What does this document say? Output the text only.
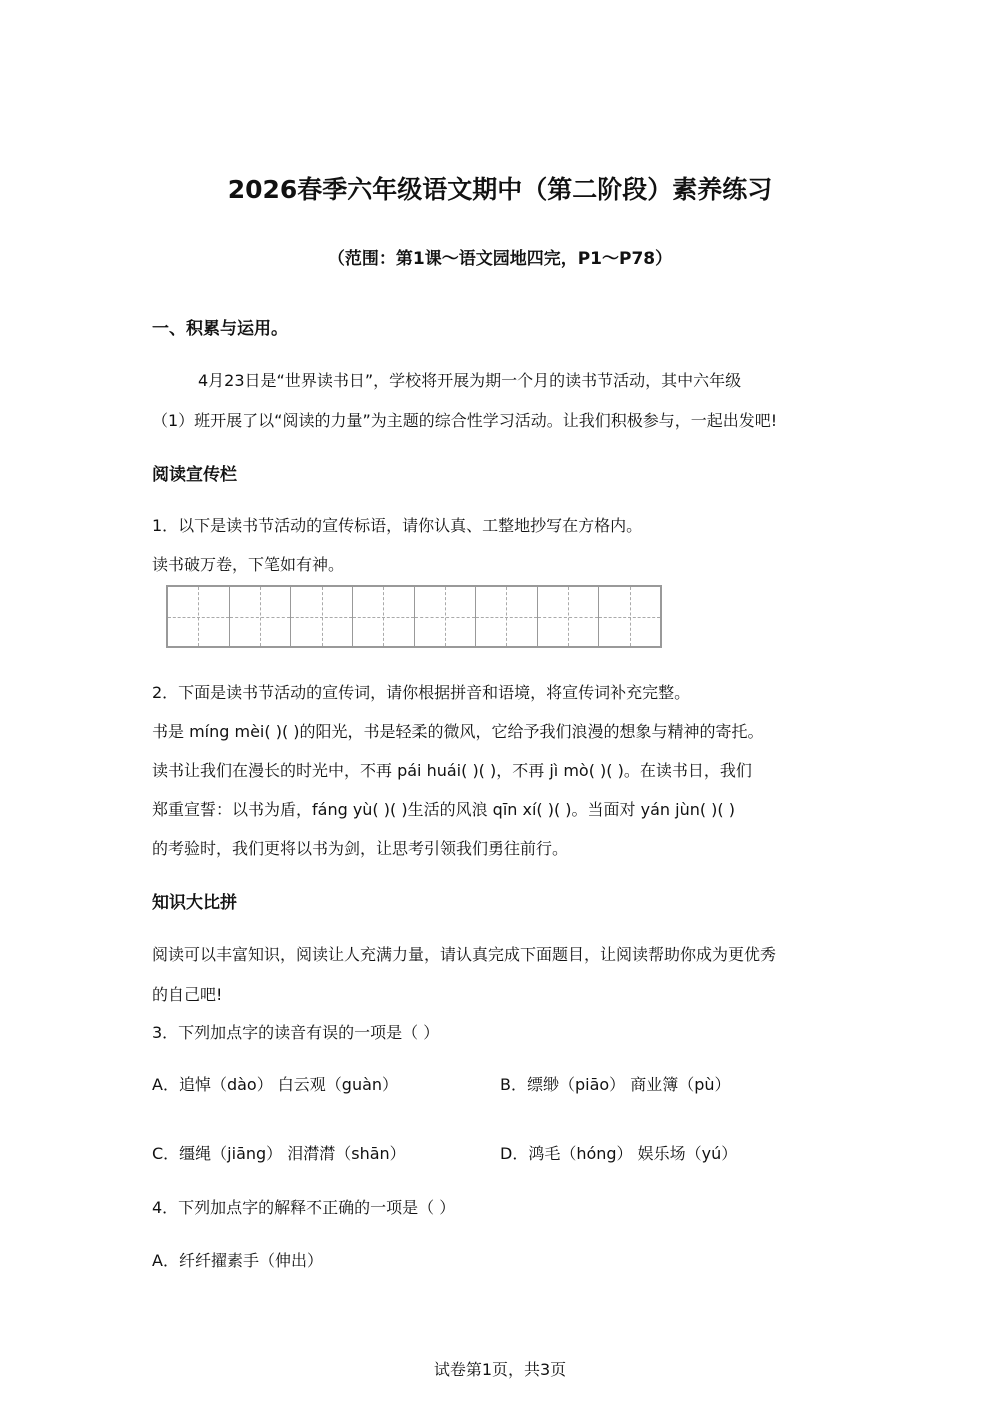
2026春季六年级语文期中（第二阶段）素养练习
（范围：第1课～语文园地四完，P1～P78）
一、积累与运用。
4月23日是“世界读书日”，学校将开展为期一个月的读书节活动，其中六年级
（1）班开展了以“阅读的力量”为主题的综合性学习活动。让我们积极参与，一起出发吧!
阅读宣传栏
1．以下是读书节活动的宣传标语，请你认真、工整地抄写在方格内。
读书破万卷，下笔如有神。
2．下面是读书节活动的宣传词，请你根据拼音和语境，将宣传词补充完整。
书是 míng mèi( )( )的阳光，书是轻柔的微风，它给予我们浪漫的想象与精神的寄托。
读书让我们在漫长的时光中，不再 pái huái( )( )，不再 jì mò( )( )。在读书日，我们
郑重宣誓：以书为盾，fáng yù( )( )生活的风浪 qīn xí( )( )。当面对 yán jùn( )( )
的考验时，我们更将以书为剑，让思考引领我们勇往前行。
知识大比拼
阅读可以丰富知识，阅读让人充满力量，请认真完成下面题目，让阅读帮助你成为更优秀
的自己吧!
3．下列加点字的读音有误的一项是（ ）
A．追悼（dào） 白云观（guàn）	B．缥缈（piāo） 商业簿（pù）
C．缰绳（jiāng） 泪潸潸（shān）	D．鸿毛（hóng） 娱乐场（yú）
4．下列加点字的解释不正确的一项是（ ）
A．纤纤擢素手（伸出）
试卷第1页，共3页
